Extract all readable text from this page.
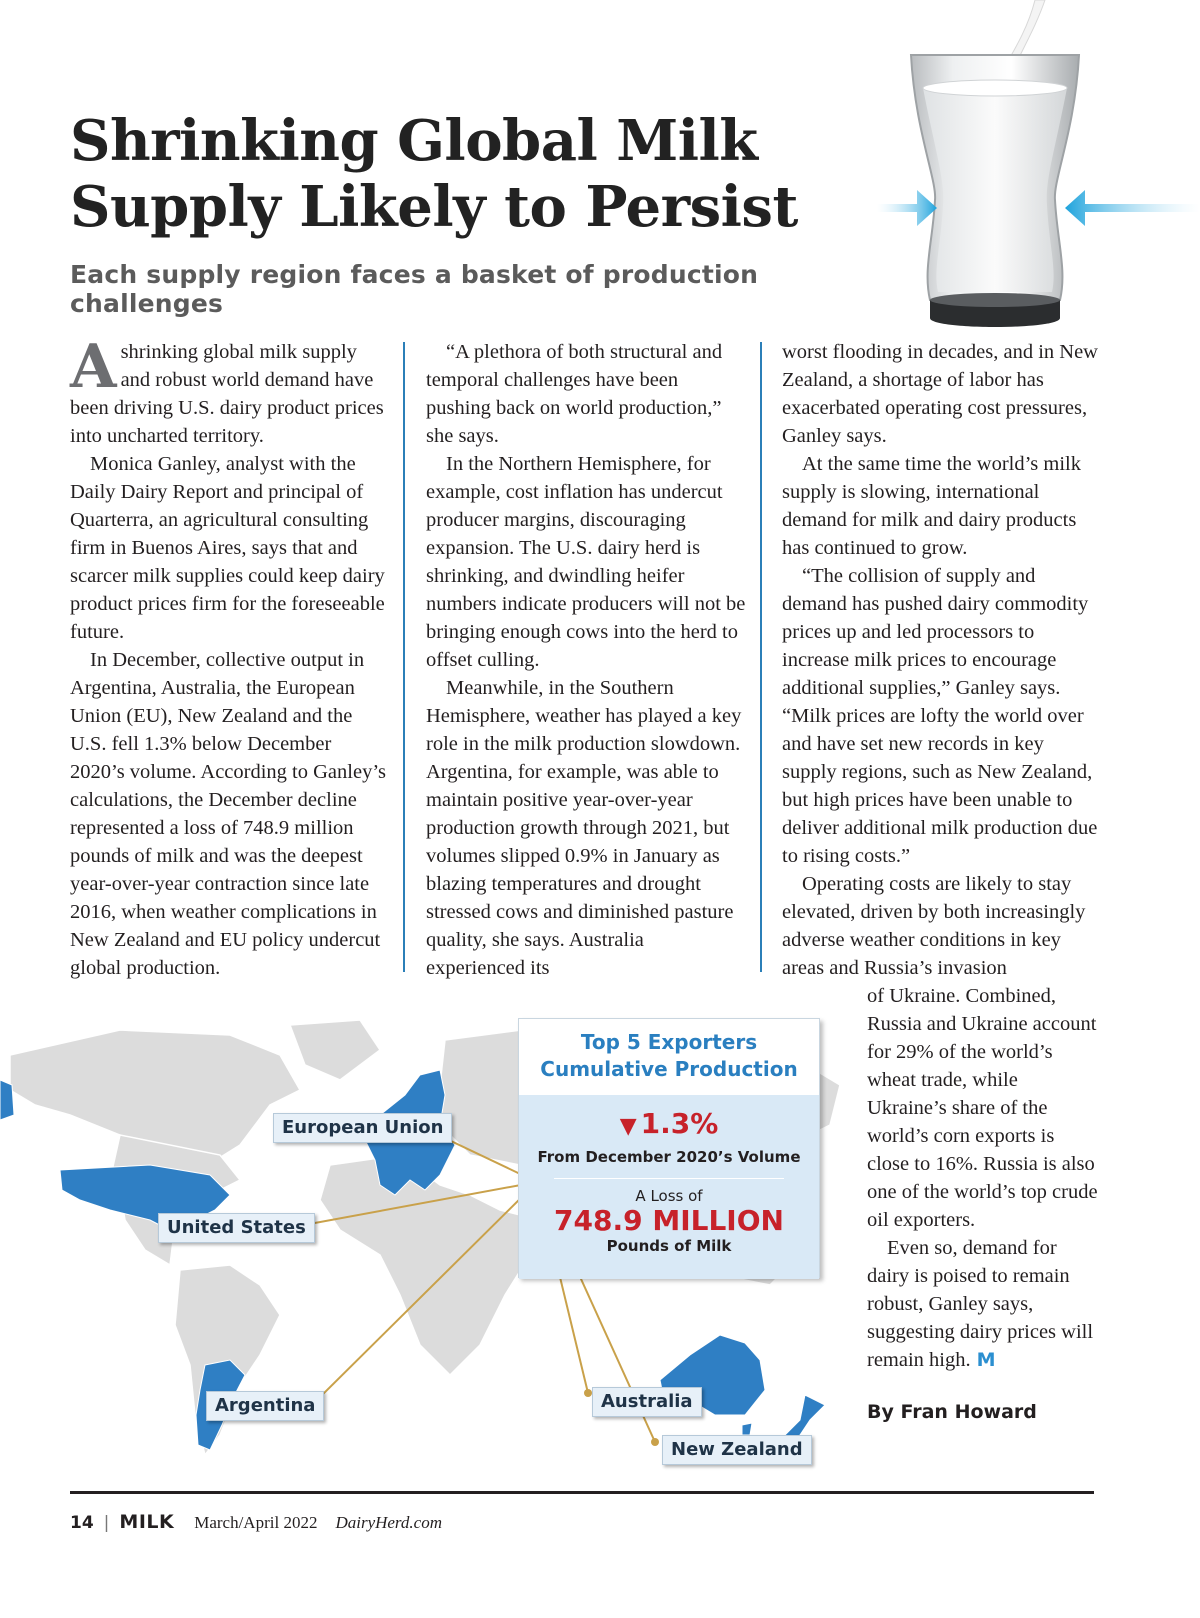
Shrinking Global Milk Supply Likely to Persist
Each supply region faces a basket of production challenges

Ashrinking global milk supply and robust world demand have been driving U.S. dairy product prices into uncharted territory.

Monica Ganley, analyst with the Daily Dairy Report and principal of Quarterra, an agricultural consulting firm in Buenos Aires, says that and scarcer milk supplies could keep dairy product prices firm for the foreseeable future.

In December, collective output in Argentina, Australia, the European Union (EU), New Zealand and the U.S. fell 1.3% below December 2020’s volume. According to Ganley’s calculations, the December decline represented a loss of 748.9 million pounds of milk and was the deepest year-over-year contraction since late 2016, when weather complications in New Zealand and EU policy undercut global production.

“A plethora of both structural and temporal challenges have been pushing back on world production,” she says.

In the Northern Hemisphere, for example, cost inflation has undercut producer margins, discouraging expansion. The U.S. dairy herd is shrinking, and dwindling heifer numbers indicate producers will not be bringing enough cows into the herd to offset culling.

Meanwhile, in the Southern Hemisphere, weather has played a key role in the milk production slowdown. Argentina, for example, was able to maintain positive year-over-year production growth through 2021, but volumes slipped 0.9% in January as blazing temperatures and drought stressed cows and diminished pasture quality, she says. Australia experienced its

worst flooding in decades, and in New Zealand, a shortage of labor has exacerbated operating cost pressures, Ganley says.

At the same time the world’s milk supply is slowing, international demand for milk and dairy products has continued to grow.

“The collision of supply and demand has pushed dairy commodity prices up and led processors to increase milk prices to encourage additional supplies,” Ganley says. “Milk prices are lofty the world over and have set new records in key supply regions, such as New Zealand, but high prices have been unable to deliver additional milk production due to rising costs.”

Operating costs are likely to stay elevated, driven by both increasingly adverse weather conditions in key areas and Russia’s invasion

of Ukraine. Combined, Russia and Ukraine account for 29% of the world’s wheat trade, while Ukraine’s share of the world’s corn exports is close to 16%. Russia is also one of the world’s top crude oil exporters.

Even so, demand for dairy is poised to remain robust, Ganley says, suggesting dairy prices will remain high. M

By Fran Howard
European Union
United States
Argentina	Australia
New Zealand
Top 5 Exporters
Cumulative Production
▼ 1.3%
From December 2020’s Volume
A Loss of
748.9 MILLION
Pounds of Milk
14 | MILK March/April 2022 DairyHerd.com
